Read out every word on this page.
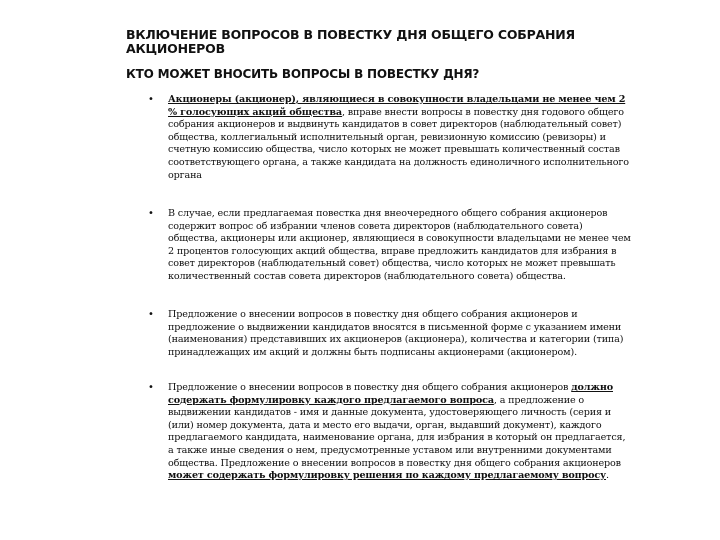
ВКЛЮЧЕНИЕ ВОПРОСОВ В ПОВЕСТКУ ДНЯ ОБЩЕГО СОБРАНИЯ АКЦИОНЕРОВ
КТО МОЖЕТ ВНОСИТЬ ВОПРОСЫ В ПОВЕСТКУ ДНЯ?
• Акционеры (акционер), являющиеся в совокупности владельцами не менее чем 2 % голосующих акций общества, вправе внести вопросы в повестку дня годового общего собрания акционеров и выдвинуть кандидатов в совет директоров (наблюдательный совет) общества, коллегиальный исполнительный орган, ревизионную комиссию (ревизоры) и счетную комиссию общества, число которых не может превышать количественный состав соответствующего органа, а также кандидата на должность единоличного исполнительного органа
• В случае, если предлагаемая повестка дня внеочередного общего собрания акционеров содержит вопрос об избрании членов совета директоров (наблюдательного совета) общества, акционеры или акционер, являющиеся в совокупности владельцами не менее чем 2 процентов голосующих акций общества, вправе предложить кандидатов для избрания в совет директоров (наблюдательный совет) общества, число которых не может превышать количественный состав совета директоров (наблюдательного совета) общества.
• Предложение о внесении вопросов в повестку дня общего собрания акционеров и предложение о выдвижении кандидатов вносятся в письменной форме с указанием имени (наименования) представивших их акционеров (акционера), количества и категории (типа) принадлежащих им акций и должны быть подписаны акционерами (акционером).
• Предложение о внесении вопросов в повестку дня общего собрания акционеров должно содержать формулировку каждого предлагаемого вопроса, а предложение о выдвижении кандидатов - имя и данные документа, удостоверяющего личность (серия и (или) номер документа, дата и место его выдачи, орган, выдавший документ), каждого предлагаемого кандидата, наименование органа, для избрания в который он предлагается, а также иные сведения о нем, предусмотренные уставом или внутренними документами общества. Предложение о внесении вопросов в повестку дня общего собрания акционеров может содержать формулировку решения по каждому предлагаемому вопросу.
